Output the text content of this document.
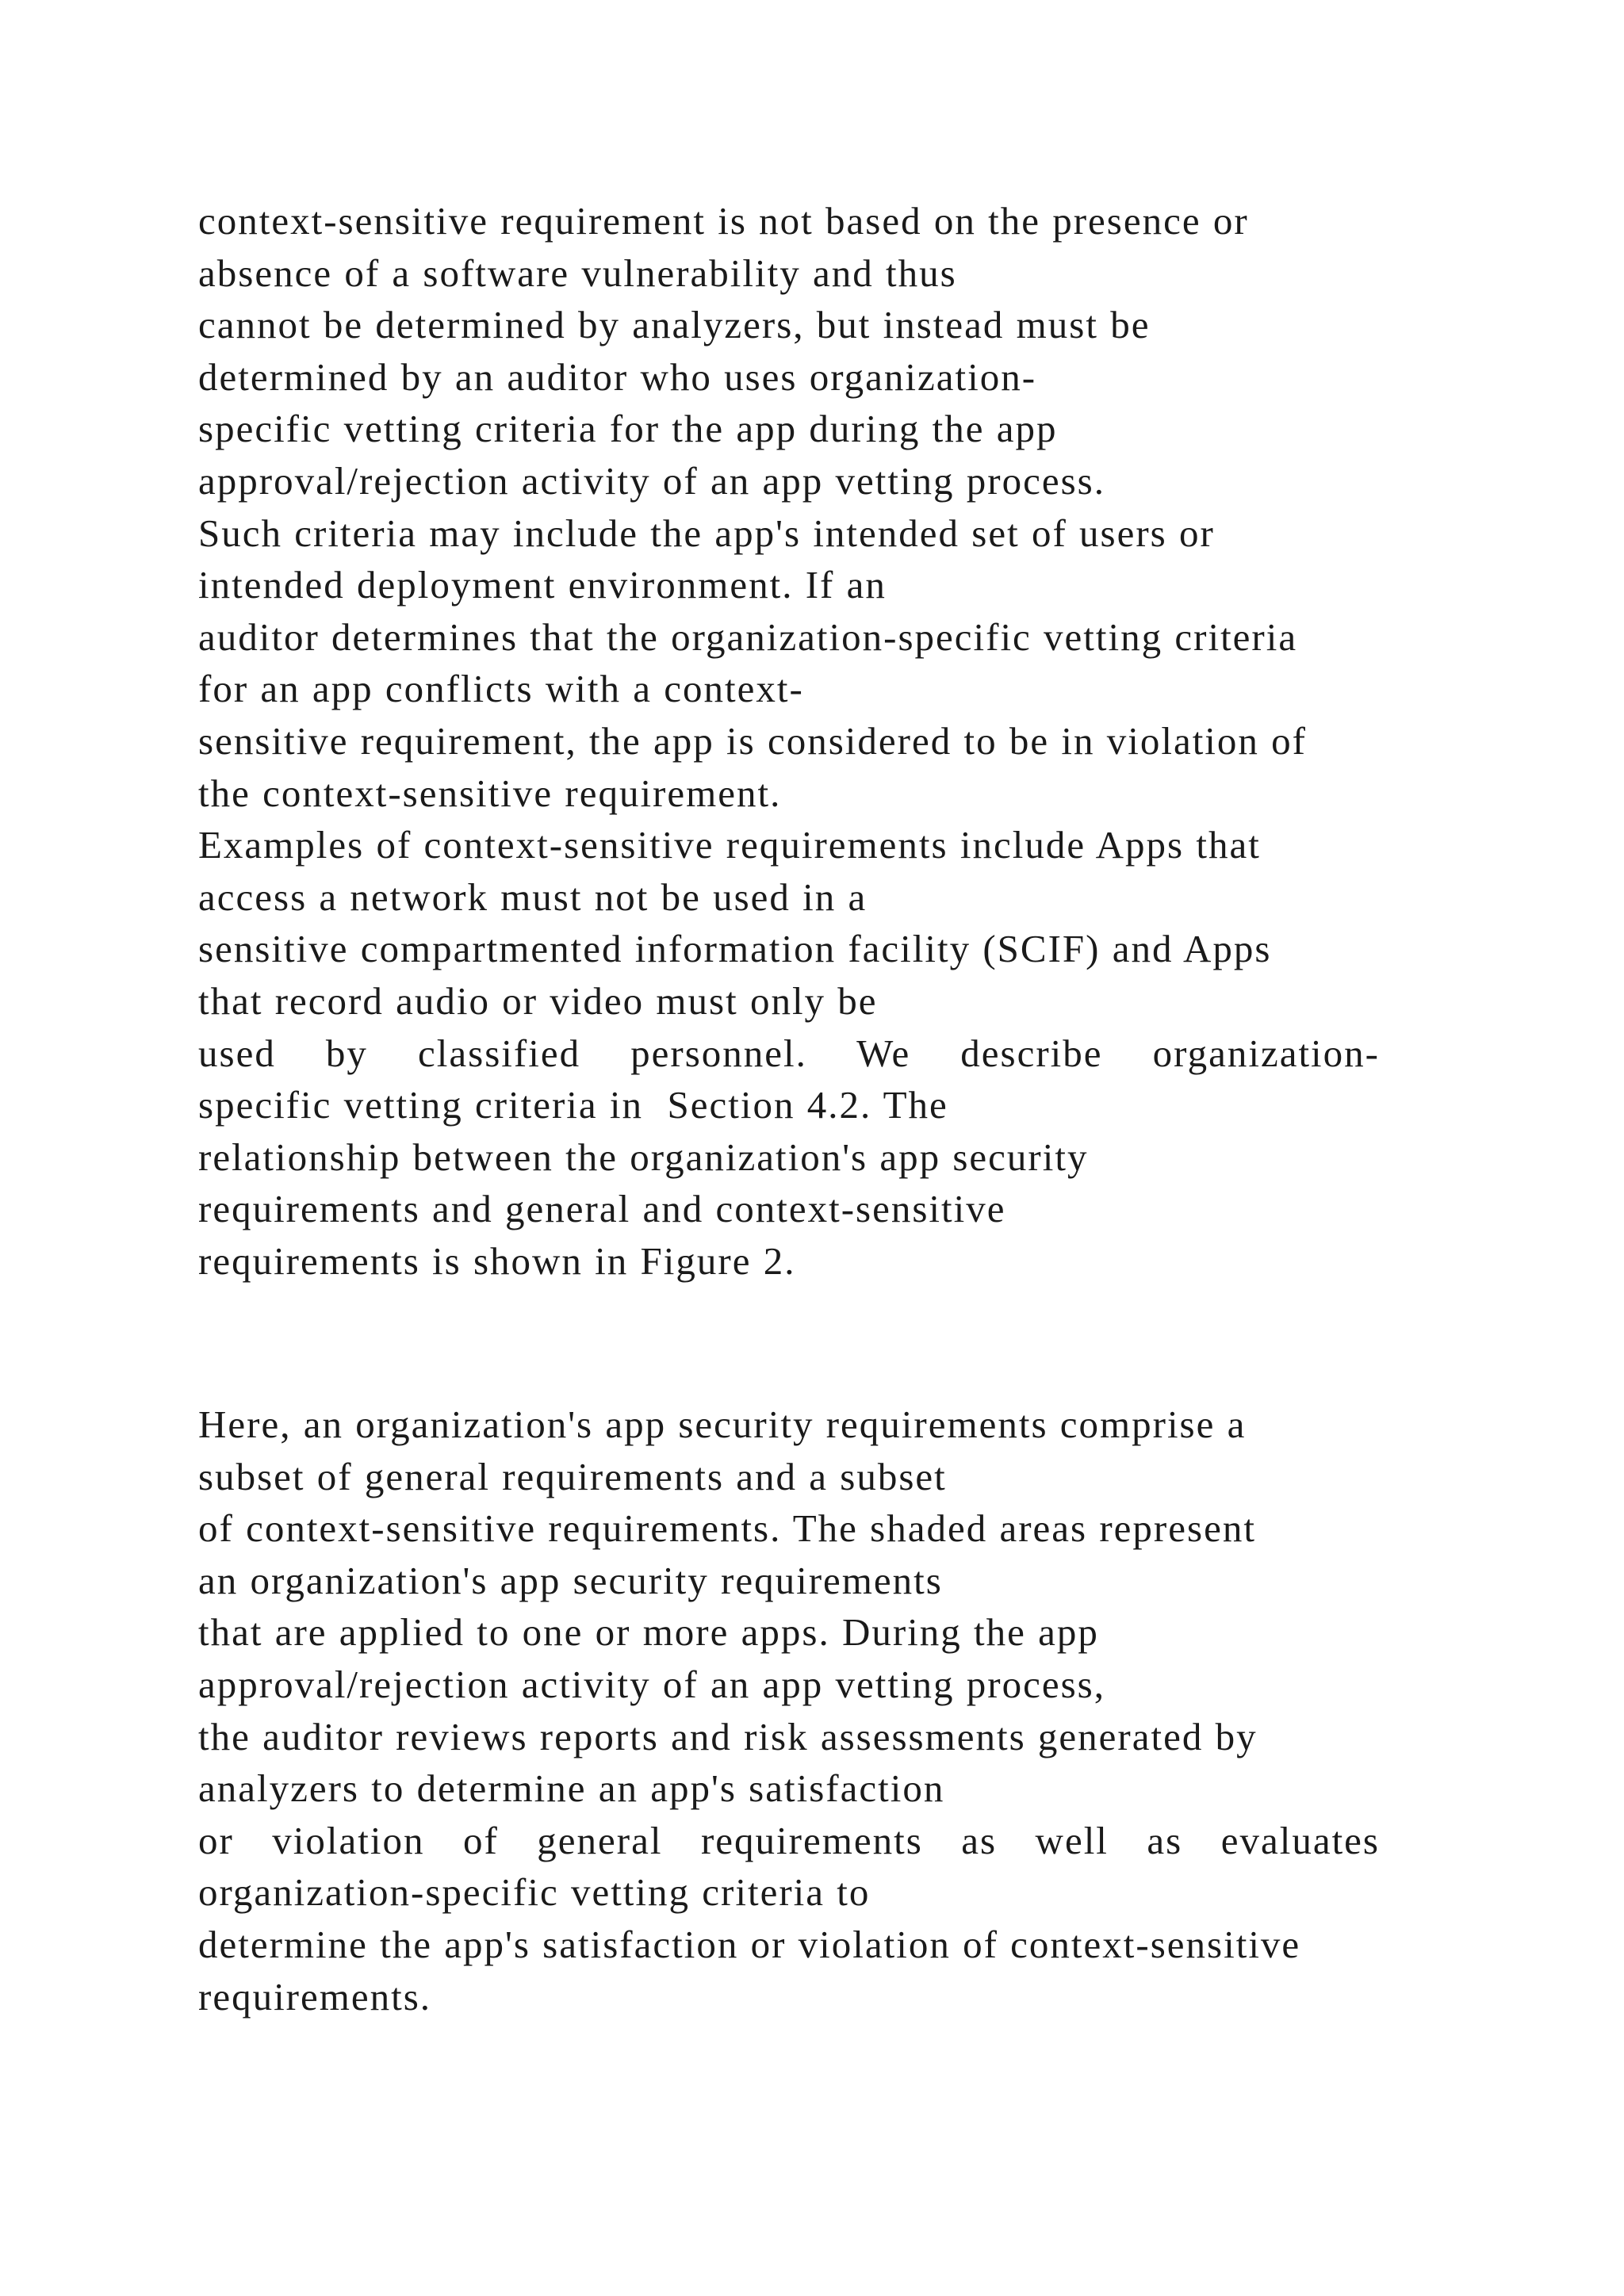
context-sensitive requirement is not based on the presence or
absence of a software vulnerability and thus
cannot be determined by analyzers, but instead must be
determined by an auditor who uses organization-
specific vetting criteria for the app during the app
approval/rejection activity of an app vetting process.
Such criteria may include the app's intended set of users or
intended deployment environment. If an
auditor determines that the organization-specific vetting criteria
for an app conflicts with a context-
sensitive requirement, the app is considered to be in violation of
the context-sensitive requirement.
Examples of context-sensitive requirements include Apps that
access a network must not be used in a
sensitive compartmented information facility (SCIF) and Apps
that record audio or video must only be
used by classified personnel. We describe organization-
specific vetting criteria in  Section 4.2. The
relationship between the organization's app security
requirements and general and context-sensitive
requirements is shown in Figure 2.
Here, an organization's app security requirements comprise a
subset of general requirements and a subset
of context-sensitive requirements. The shaded areas represent
an organization's app security requirements
that are applied to one or more apps. During the app
approval/rejection activity of an app vetting process,
the auditor reviews reports and risk assessments generated by
analyzers to determine an app's satisfaction
or violation of general requirements as well as evaluates
organization-specific vetting criteria to
determine the app's satisfaction or violation of context-sensitive
requirements.
